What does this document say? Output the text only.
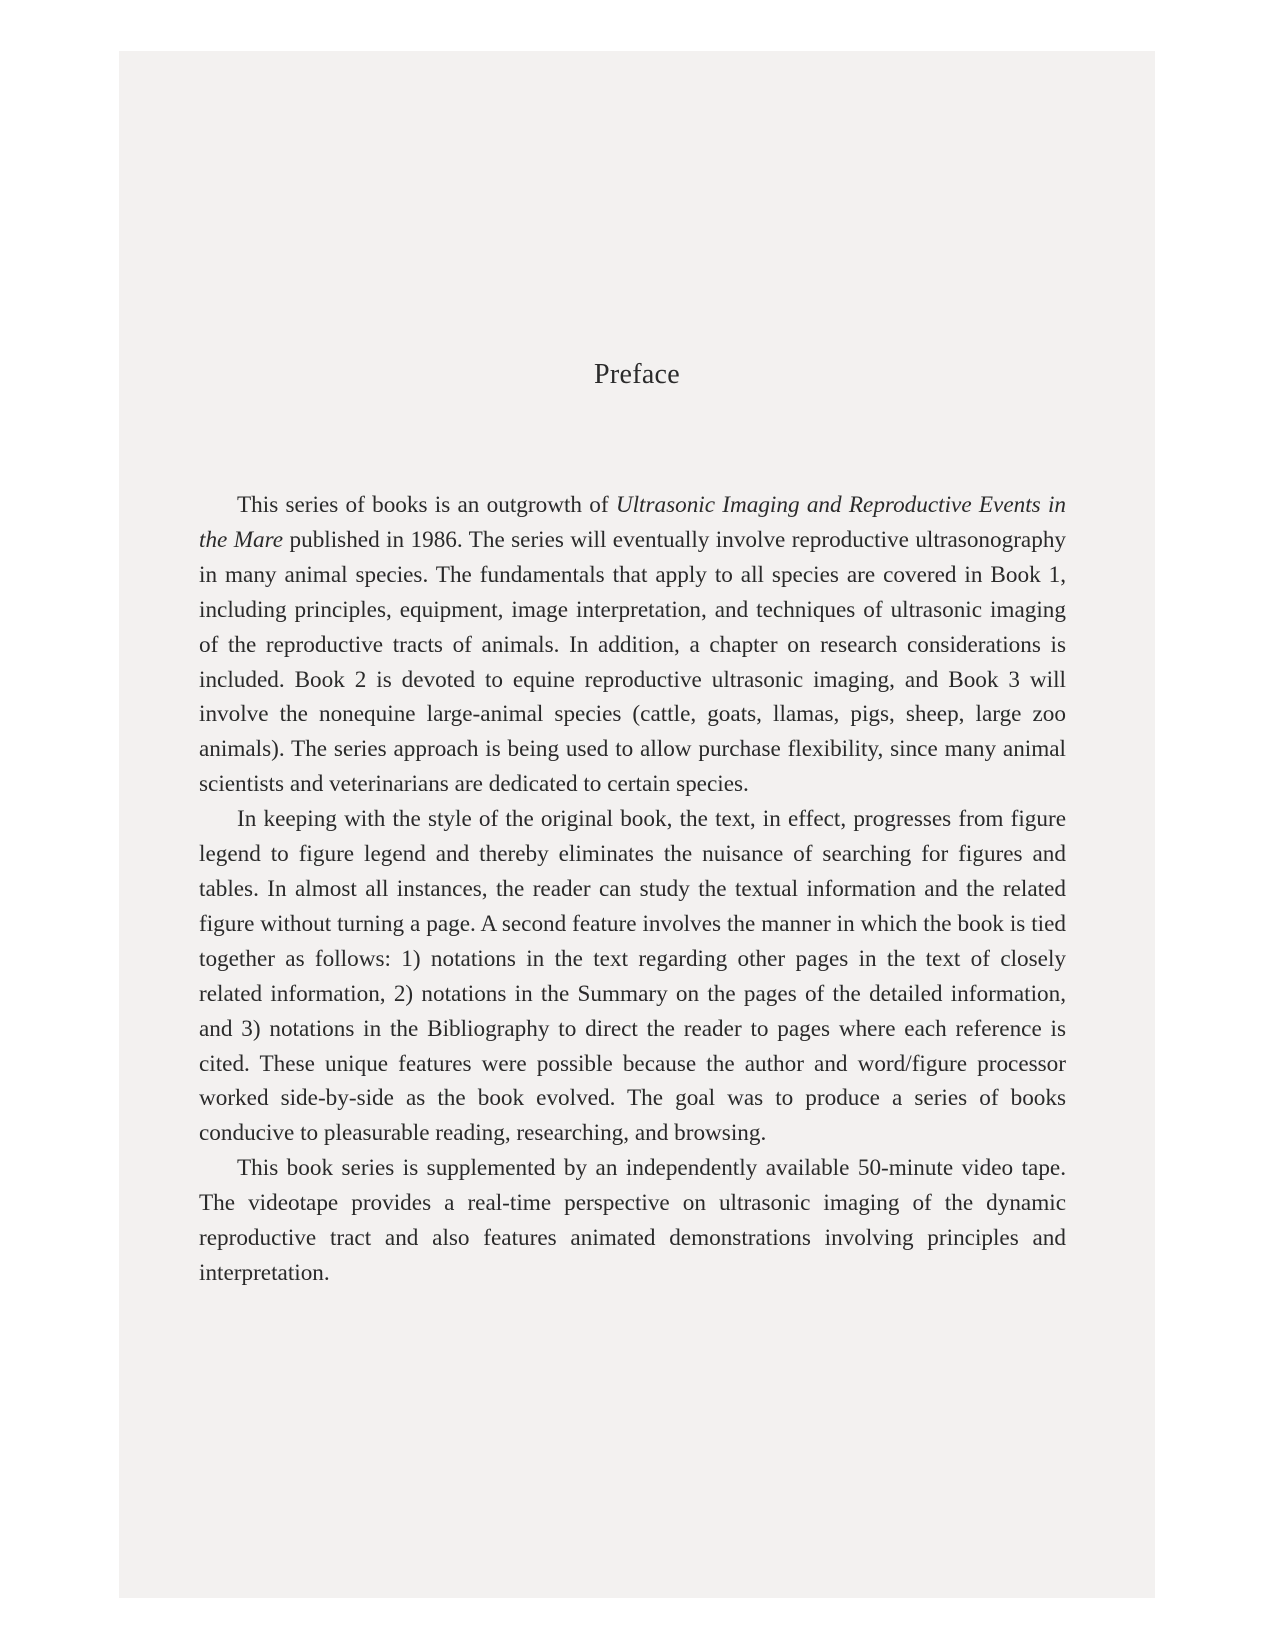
Preface

This series of books is an outgrowth of Ultrasonic Imaging and Reproductive Events in the Mare published in 1986. The series will eventually involve reproductive ultrasonography in many animal species. The fundamentals that apply to all species are covered in Book 1, including principles, equipment, image interpretation, and techniques of ultrasonic imaging of the reproductive tracts of animals. In addition, a chapter on research considerations is included. Book 2 is devoted to equine reproductive ultrasonic imaging, and Book 3 will involve the nonequine large-animal species (cattle, goats, llamas, pigs, sheep, large zoo animals). The series approach is being used to allow purchase flexibility, since many animal scientists and veterinarians are dedicated to certain species.

In keeping with the style of the original book, the text, in effect, progresses from figure legend to figure legend and thereby eliminates the nuisance of searching for figures and tables. In almost all instances, the reader can study the textual information and the related figure without turning a page. A second feature involves the manner in which the book is tied together as follows: 1) notations in the text regarding other pages in the text of closely related information, 2) notations in the Summary on the pages of the detailed information, and 3) notations in the Bibliography to direct the reader to pages where each reference is cited. These unique features were possible because the author and word/figure processor worked side-by-side as the book evolved. The goal was to produce a series of books conducive to pleasurable reading, researching, and browsing.

This book series is supplemented by an independently available 50-minute video tape. The videotape provides a real-time perspective on ultrasonic imaging of the dynamic reproductive tract and also features animated demonstrations involving principles and interpretation.
